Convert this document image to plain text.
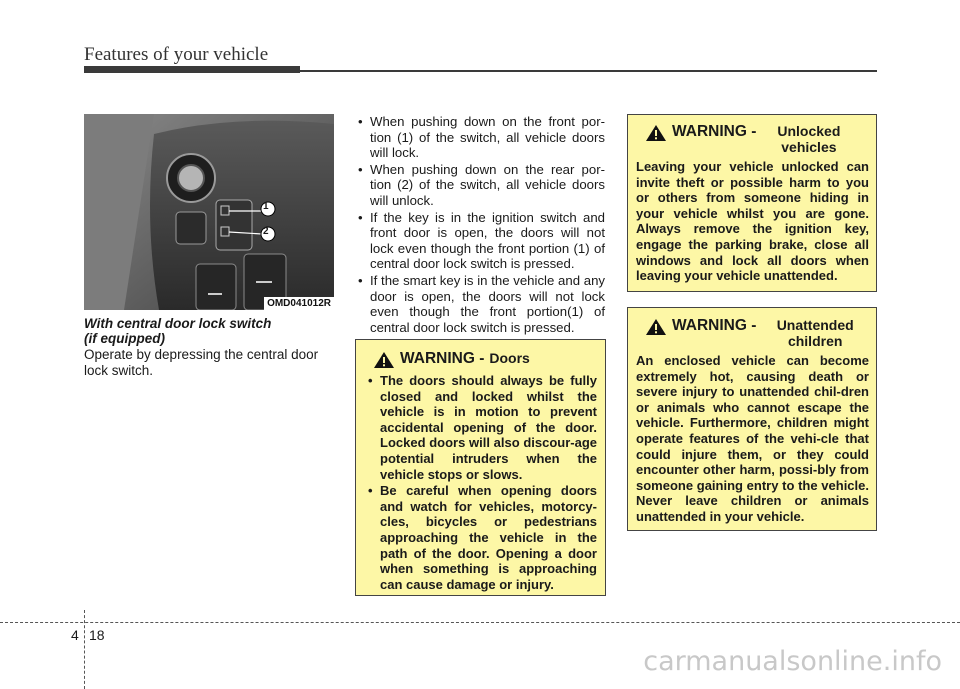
Features of your vehicle
1
2
OMD041012R
With central door lock switch
(if equipped)
Operate by depressing the central door lock switch.
• When pushing down on the front por-tion (1) of the switch, all vehicle doors will lock.
• When pushing down on the rear por-tion (2) of the switch, all vehicle doors will unlock.
• If the key is in the ignition switch and front door is open, the doors will not lock even though the front portion (1) of central door lock switch is pressed.
• If the smart key is in the vehicle and any door is open, the doors will not lock even though the front portion(1) of central door lock switch is pressed.
WARNING - Doors
• The doors should always be fully closed and locked whilst the vehicle is in motion to prevent accidental opening of the door. Locked doors will also discour-age potential intruders when the vehicle stops or slows.
• Be careful when opening doors and watch for vehicles, motorcy-cles, bicycles or pedestrians approaching the vehicle in the path of the door. Opening a door when something is approaching can cause damage or injury.
WARNING -	Unlocked vehicles
Leaving your vehicle unlocked can invite theft or possible harm to you or others from someone hiding in your vehicle whilst you are gone. Always remove the ignition key, engage the parking brake, close all windows and lock all doors when leaving your vehicle unattended.
WARNING -	Unattended children
An enclosed vehicle can become extremely hot, causing death or severe injury to unattended chil-dren or animals who cannot escape the vehicle. Furthermore, children might operate features of the vehi-cle that could injure them, or they could encounter other harm, possi-bly from someone gaining entry to the vehicle. Never leave children or animals unattended in your vehicle.
4 18
carmanualsonline.info
